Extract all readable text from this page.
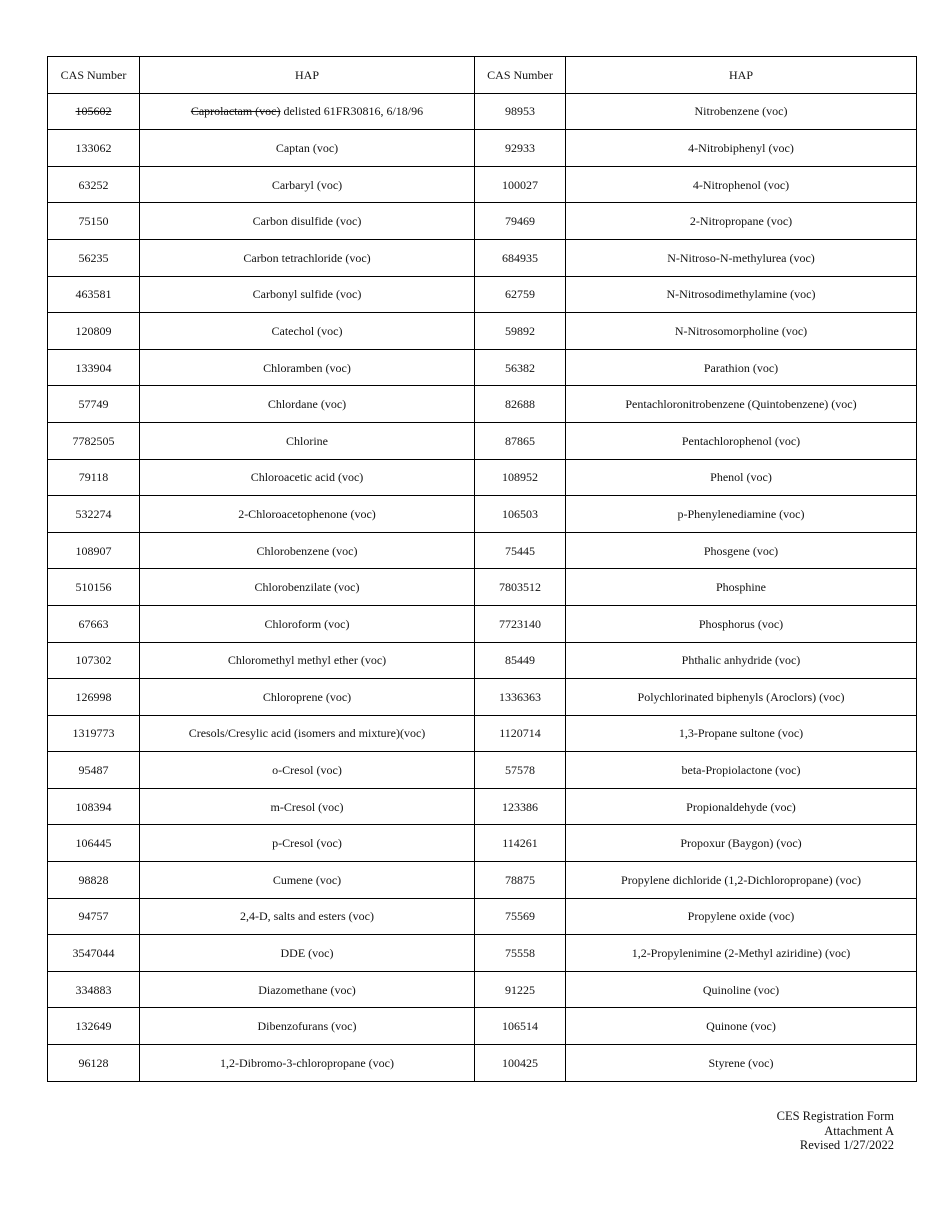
CAS Number	HAP	CAS Number	HAP
105602	Caprolactam (voc) delisted 61FR30816, 6/18/96	98953	Nitrobenzene (voc)
133062	Captan (voc)	92933	4-Nitrobiphenyl (voc)
63252	Carbaryl (voc)	100027	4-Nitrophenol (voc)
75150	Carbon disulfide (voc)	79469	2-Nitropropane (voc)
56235	Carbon tetrachloride (voc)	684935	N-Nitroso-N-methylurea (voc)
463581	Carbonyl sulfide (voc)	62759	N-Nitrosodimethylamine (voc)
120809	Catechol (voc)	59892	N-Nitrosomorpholine (voc)
133904	Chloramben (voc)	56382	Parathion (voc)
57749	Chlordane (voc)	82688	Pentachloronitrobenzene (Quintobenzene) (voc)
7782505	Chlorine	87865	Pentachlorophenol (voc)
79118	Chloroacetic acid (voc)	108952	Phenol (voc)
532274	2-Chloroacetophenone (voc)	106503	p-Phenylenediamine (voc)
108907	Chlorobenzene (voc)	75445	Phosgene (voc)
510156	Chlorobenzilate (voc)	7803512	Phosphine
67663	Chloroform (voc)	7723140	Phosphorus (voc)
107302	Chloromethyl methyl ether (voc)	85449	Phthalic anhydride (voc)
126998	Chloroprene (voc)	1336363	Polychlorinated biphenyls (Aroclors) (voc)
1319773	Cresols/Cresylic acid (isomers and mixture)(voc)	1120714	1,3-Propane sultone (voc)
95487	o-Cresol (voc)	57578	beta-Propiolactone (voc)
108394	m-Cresol (voc)	123386	Propionaldehyde (voc)
106445	p-Cresol (voc)	114261	Propoxur (Baygon) (voc)
98828	Cumene (voc)	78875	Propylene dichloride (1,2-Dichloropropane) (voc)
94757	2,4-D, salts and esters (voc)	75569	Propylene oxide (voc)
3547044	DDE (voc)	75558	1,2-Propylenimine (2-Methyl aziridine) (voc)
334883	Diazomethane (voc)	91225	Quinoline (voc)
132649	Dibenzofurans (voc)	106514	Quinone (voc)
96128	1,2-Dibromo-3-chloropropane (voc)	100425	Styrene (voc)
CES Registration Form
Attachment A
Revised 1/27/2022
